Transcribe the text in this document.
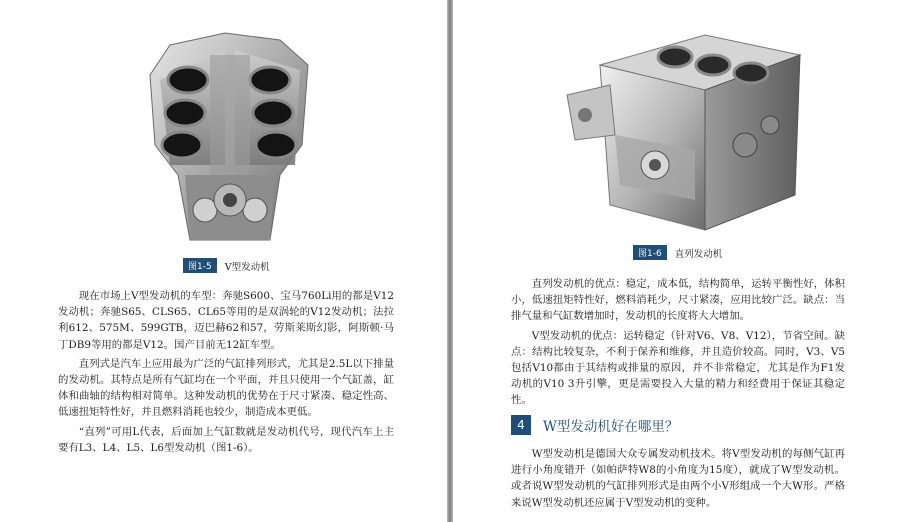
图1-5	V型发动机

现在市场上V型发动机的车型：奔驰S600、宝马760Li用的都是V12发动机；奔驰S65、CLS65、CL65等用的是双涡轮的V12发动机；法拉利612、575M、599GTB，迈巴赫62和57，劳斯莱斯幻影，阿斯顿·马丁DB9等用的都是V12。国产目前无12缸车型。

直列式是汽车上应用最为广泛的气缸排列形式，尤其是2.5L以下排量的发动机。其特点是所有气缸均在一个平面，并且只使用一个气缸盖，缸体和曲轴的结构相对简单。这种发动机的优势在于尺寸紧凑、稳定性高、低速扭矩特性好，并且燃料消耗也较少，制造成本更低。

“直列”可用L代表，后面加上气缸数就是发动机代号，现代汽车上主要有L3、L4、L5、L6型发动机（图1-6）。

图1-6	直列发动机

直列发动机的优点：稳定，成本低，结构简单，运转平衡性好，体积小，低速扭矩特性好，燃料消耗少，尺寸紧凑，应用比较广泛。缺点：当排气量和气缸数增加时，发动机的长度将大大增加。

V型发动机的优点：运转稳定（针对V6、V8、V12），节省空间。缺点：结构比较复杂，不利于保养和维修，并且造价较高。同时，V3、V5包括V10都由于其结构或排量的原因，并不非常稳定，尤其是作为F1发动机的V10 3升引擎，更是需要投入大量的精力和经费用于保证其稳定性。

4	W型发动机好在哪里？

W型发动机是德国大众专属发动机技术。将V型发动机的每侧气缸再进行小角度错开（如帕萨特W8的小角度为15度），就成了W型发动机。或者说W型发动机的气缸排列形式是由两个小V形组成一个大W形。严格来说W型发动机还应属于V型发动机的变种。
